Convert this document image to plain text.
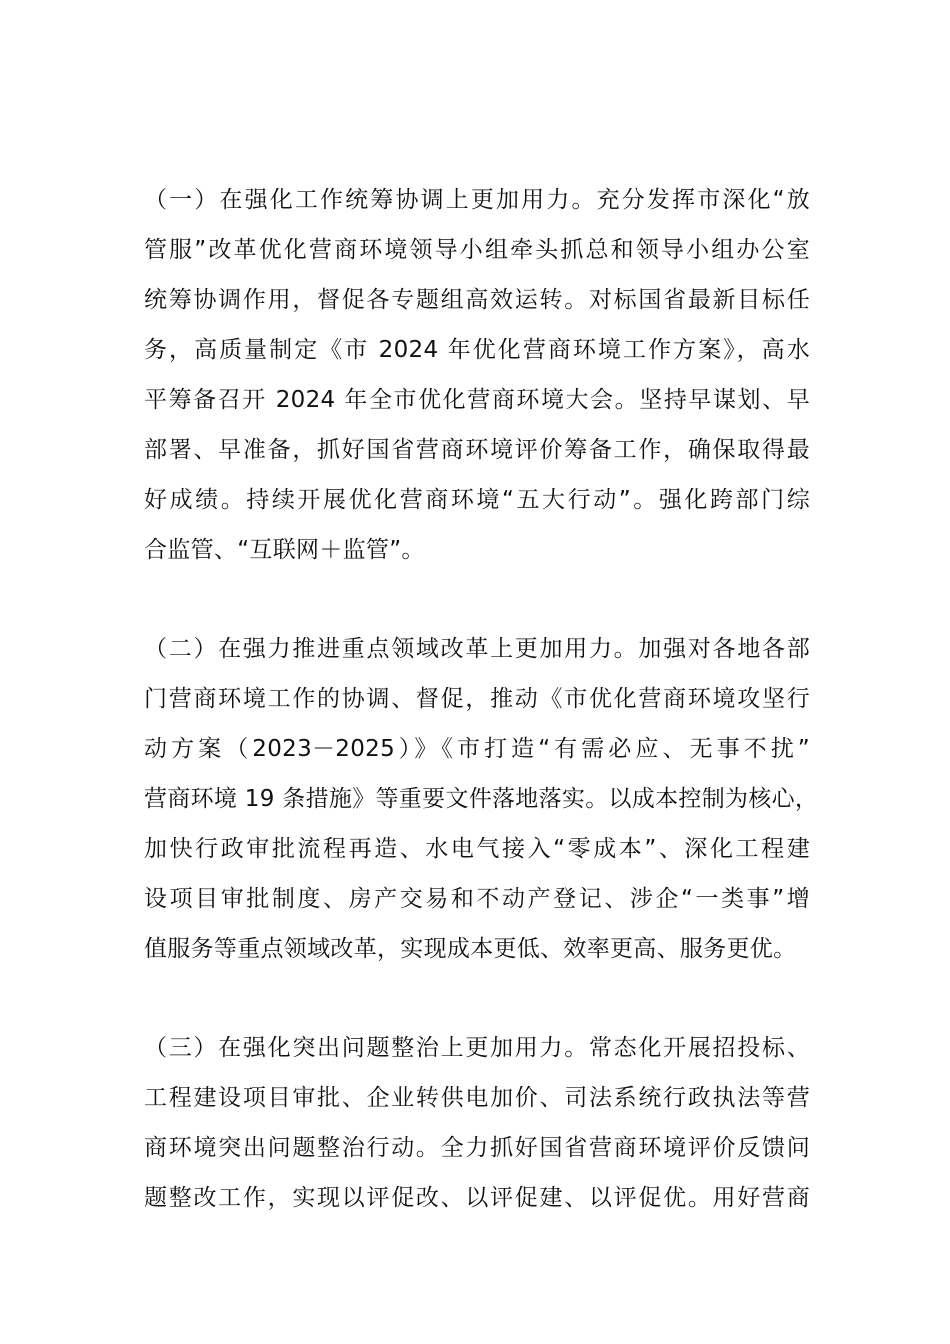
（一）在强化工作统筹协调上更加用力。充分发挥市深化“放
管服”改革优化营商环境领导小组牵头抓总和领导小组办公室
统筹协调作用，督促各专题组高效运转。对标国省最新目标任
务，高质量制定《市 2024 年优化营商环境工作方案》，高水
平筹备召开 2024 年全市优化营商环境大会。坚持早谋划、早
部署、早准备，抓好国省营商环境评价筹备工作，确保取得最
好成绩。持续开展优化营商环境“五大行动”。强化跨部门综
合监管、“互联网＋监管”。
（二）在强力推进重点领域改革上更加用力。加强对各地各部
门营商环境工作的协调、督促，推动《市优化营商环境攻坚行
动方案（2023－2025）》《市打造“有需必应、无事不扰”
营商环境 19 条措施》等重要文件落地落实。以成本控制为核心，
加快行政审批流程再造、水电气接入“零成本”、深化工程建
设项目审批制度、房产交易和不动产登记、涉企“一类事”增
值服务等重点领域改革，实现成本更低、效率更高、服务更优。
（三）在强化突出问题整治上更加用力。常态化开展招投标、
工程建设项目审批、企业转供电加价、司法系统行政执法等营
商环境突出问题整治行动。全力抓好国省营商环境评价反馈问
题整改工作，实现以评促改、以评促建、以评促优。用好营商
